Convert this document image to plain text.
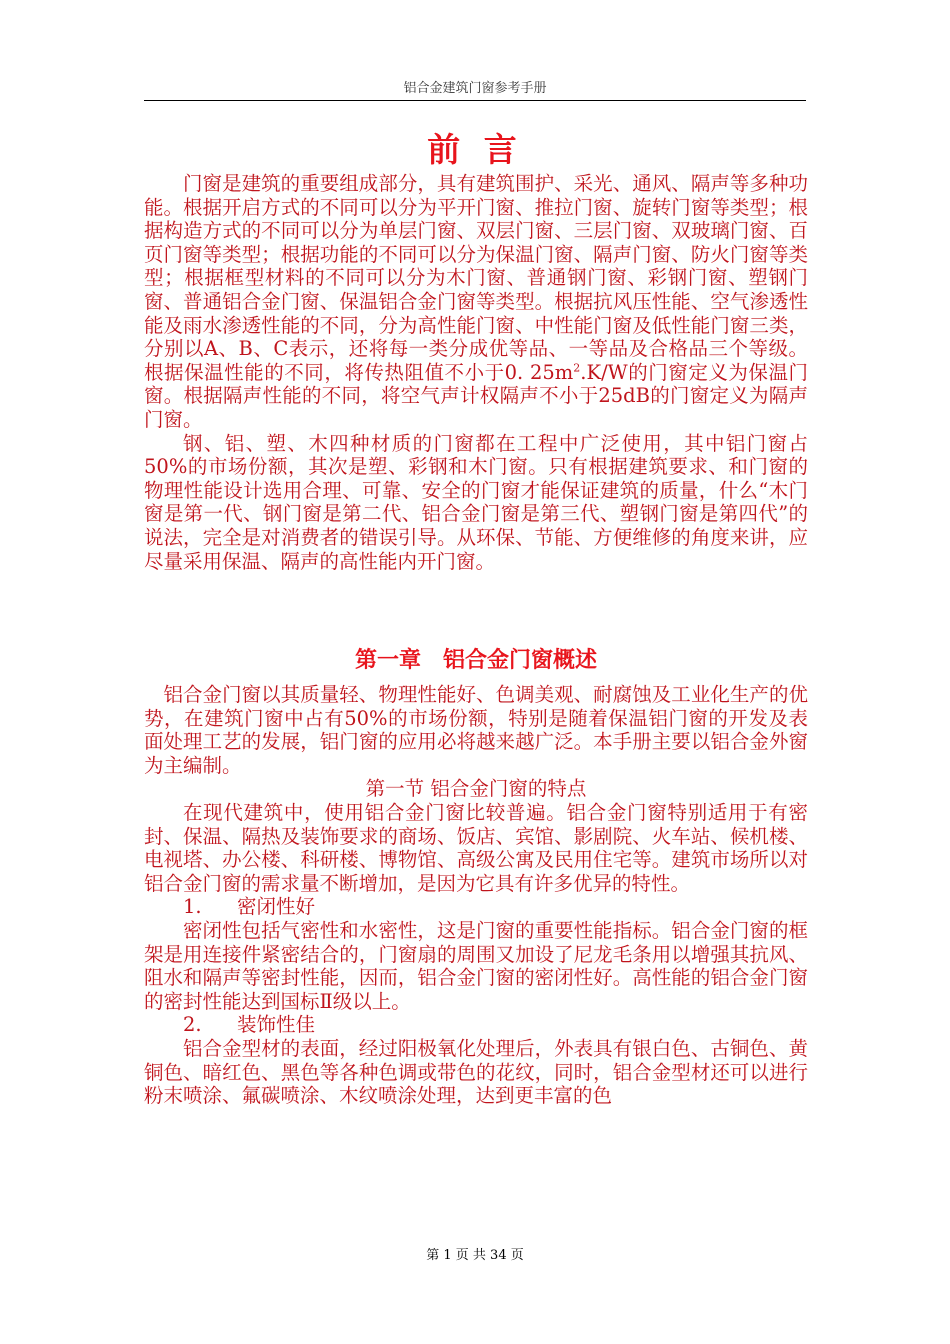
铝合金建筑门窗参考手册
前 言

门窗是建筑的重要组成部分，具有建筑围护、采光、通风、隔声等多种功能。根据开启方式的不同可以分为平开门窗、推拉门窗、旋转门窗等类型；根据构造方式的不同可以分为单层门窗、双层门窗、三层门窗、双玻璃门窗、百页门窗等类型；根据功能的不同可以分为保温门窗、隔声门窗、防火门窗等类型；根据框型材料的不同可以分为木门窗、普通钢门窗、彩钢门窗、塑钢门窗、普通铝合金门窗、保温铝合金门窗等类型。根据抗风压性能、空气渗透性能及雨水渗透性能的不同，分为高性能门窗、中性能门窗及低性能门窗三类，分别以A、B、C表示，还将每一类分成优等品、一等品及合格品三个等级。根据保温性能的不同，将传热阻值不小于0. $25m^2.K/W$的门窗定义为保温门窗。根据隔声性能的不同，将空气声计权隔声不小于25dB的门窗定义为隔声门窗。

钢、铝、塑、木四种材质的门窗都在工程中广泛使用，其中铝门窗占50%的市场份额，其次是塑、彩钢和木门窗。只有根据建筑要求、和门窗的物理性能设计选用合理、可靠、安全的门窗才能保证建筑的质量，什么“木门窗是第一代、钢门窗是第二代、铝合金门窗是第三代、塑钢门窗是第四代”的说法，完全是对消费者的错误引导。从环保、节能、方便维修的角度来讲，应尽量采用保温、隔声的高性能内开门窗。

第一章　铝合金门窗概述

铝合金门窗以其质量轻、物理性能好、色调美观、耐腐蚀及工业化生产的优势，在建筑门窗中占有50%的市场份额，特别是随着保温铝门窗的开发及表面处理工艺的发展，铝门窗的应用必将越来越广泛。本手册主要以铝合金外窗为主编制。

第一节 铝合金门窗的特点

在现代建筑中，使用铝合金门窗比较普遍。铝合金门窗特别适用于有密封、保温、隔热及装饰要求的商场、饭店、宾馆、影剧院、火车站、候机楼、电视塔、办公楼、科研楼、博物馆、高级公寓及民用住宅等。建筑市场所以对铝合金门窗的需求量不断增加，是因为它具有许多优异的特性。

1. 密闭性好

密闭性包括气密性和水密性，这是门窗的重要性能指标。铝合金门窗的框架是用连接件紧密结合的，门窗扇的周围又加设了尼龙毛条用以增强其抗风、阻水和隔声等密封性能，因而，铝合金门窗的密闭性好。高性能的铝合金门窗的密封性能达到国标Ⅱ级以上。

2. 装饰性佳

铝合金型材的表面，经过阳极氧化处理后，外表具有银白色、古铜色、黄铜色、暗红色、黑色等各种色调或带色的花纹，同时，铝合金型材还可以进行粉末喷涂、氟碳喷涂、木纹喷涂处理，达到更丰富的色

第 1 页 共 34 页
